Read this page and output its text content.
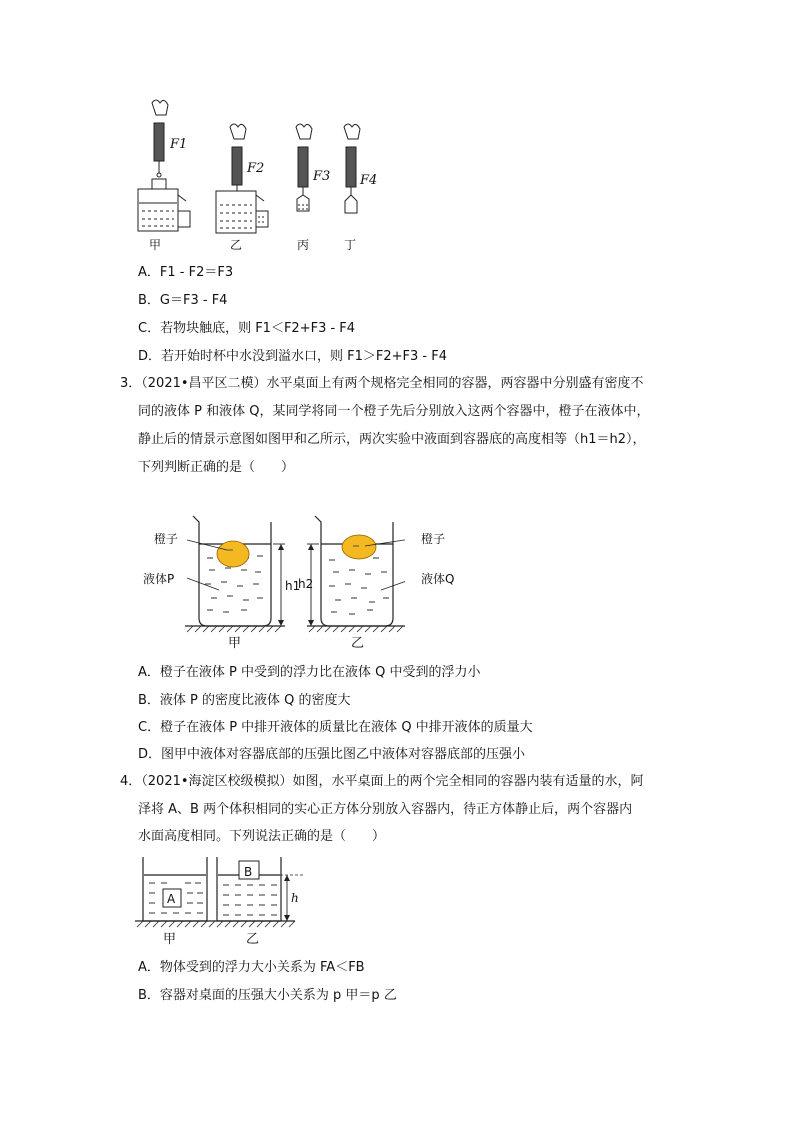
F1
F2
F3 F4
甲	乙	丙	丁
A．F1 - F2＝F3
B．G＝F3 - F4
C．若物块触底，则 F1＜F2+F3 - F4
D．若开始时杯中水没到溢水口，则 F1＞F2+F3 - F4
3．（2021•昌平区二模）水平桌面上有两个规格完全相同的容器，两容器中分别盛有密度不
同的液体 P 和液体 Q，某同学将同一个橙子先后分别放入这两个容器中，橙子在液体中，
静止后的情景示意图如图甲和乙所示，两次实验中液面到容器底的高度相等（h1＝h2），
下列判断正确的是（　　）
橙子
液体P	h1
橙子
液体Q
甲	乙
h2
A．橙子在液体 P 中受到的浮力比在液体 Q 中受到的浮力小
B．液体 P 的密度比液体 Q 的密度大
C．橙子在液体 P 中排开液体的质量比在液体 Q 中排开液体的质量大
D．图甲中液体对容器底部的压强比图乙中液体对容器底部的压强小
4．（2021•海淀区校级模拟）如图，水平桌面上的两个完全相同的容器内装有适量的水，阿
泽将 A、B 两个体积相同的实心正方体分别放入容器内，待正方体静止后，两个容器内
水面高度相同。下列说法正确的是（　　）
A
B
h
甲	乙
A．物体受到的浮力大小关系为 FA＜FB
B．容器对桌面的压强大小关系为 p 甲＝p 乙
